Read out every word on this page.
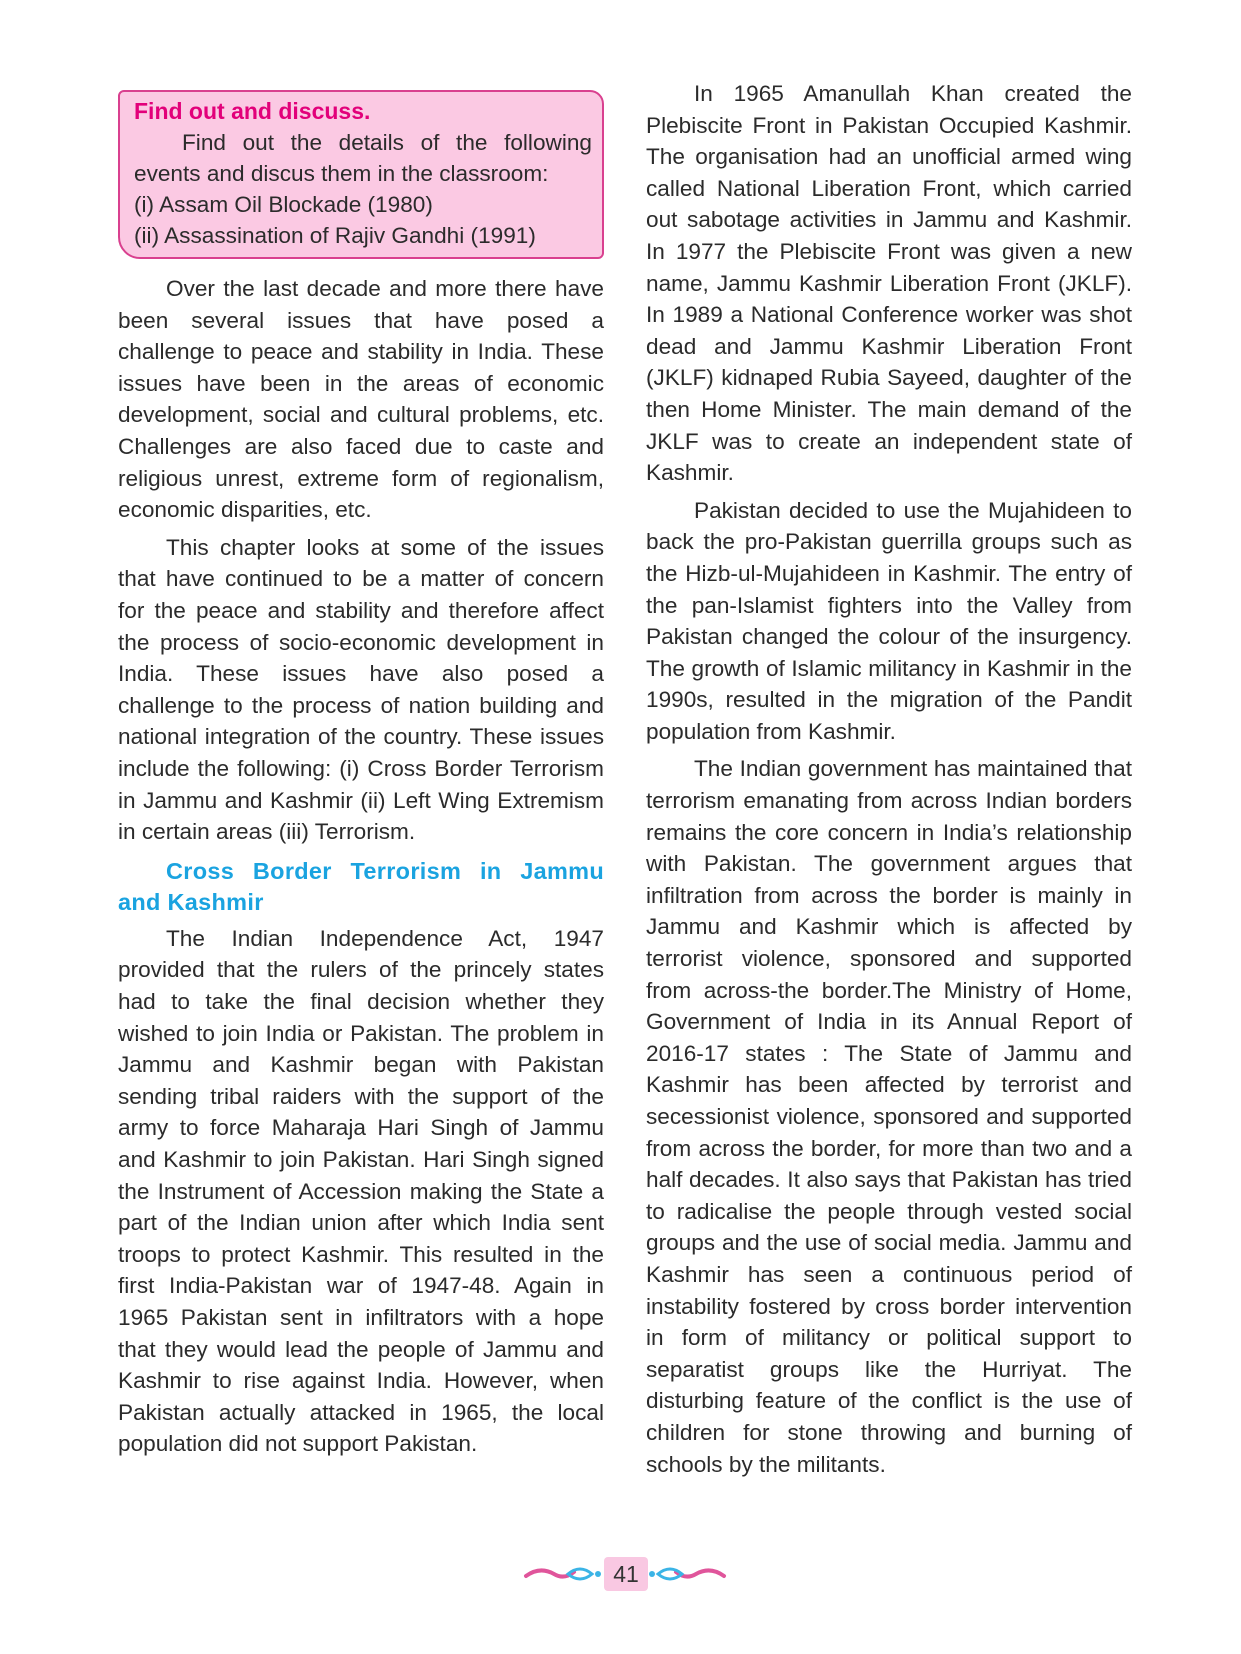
Find out and discuss.
Find out the details of the following events and discus them in the classroom:
(i) Assam Oil Blockade (1980)
(ii) Assassination of Rajiv Gandhi (1991)

Over the last decade and more there have been several issues that have posed a challenge to peace and stability in India. These issues have been in the areas of economic development, social and cultural problems, etc. Challenges are also faced due to caste and religious unrest, extreme form of regionalism, economic disparities, etc.

This chapter looks at some of the issues that have continued to be a matter of concern for the peace and stability and therefore affect the process of socio-economic development in India. These issues have also posed a challenge to the process of nation building and national integration of the country. These issues include the following: (i) Cross Border Terrorism in Jammu and Kashmir (ii) Left Wing Extremism in certain areas (iii) Terrorism.

Cross Border Terrorism in Jammu and Kashmir

The Indian Independence Act, 1947 provided that the rulers of the princely states had to take the final decision whether they wished to join India or Pakistan. The problem in Jammu and Kashmir began with Pakistan sending tribal raiders with the support of the army to force Maharaja Hari Singh of Jammu and Kashmir to join Pakistan. Hari Singh signed the Instrument of Accession making the State a part of the Indian union after which India sent troops to protect Kashmir. This resulted in the first India-Pakistan war of 1947-48. Again in 1965 Pakistan sent in infiltrators with a hope that they would lead the people of Jammu and Kashmir to rise against India. However, when Pakistan actually attacked in 1965, the local population did not support Pakistan.

In 1965 Amanullah Khan created the Plebiscite Front in Pakistan Occupied Kashmir. The organisation had an unofficial armed wing called National Liberation Front, which carried out sabotage activities in Jammu and Kashmir. In 1977 the Plebiscite Front was given a new name, Jammu Kashmir Liberation Front (JKLF). In 1989 a National Conference worker was shot dead and Jammu Kashmir Liberation Front (JKLF) kidnaped Rubia Sayeed, daughter of the then Home Minister. The main demand of the JKLF was to create an independent state of Kashmir.

Pakistan decided to use the Mujahideen to back the pro-Pakistan guerrilla groups such as the Hizb-ul-Mujahideen in Kashmir. The entry of the pan-Islamist fighters into the Valley from Pakistan changed the colour of the insurgency. The growth of Islamic militancy in Kashmir in the 1990s, resulted in the migration of the Pandit population from Kashmir.

The Indian government has maintained that terrorism emanating from across Indian borders remains the core concern in India’s relationship with Pakistan. The government argues that infiltration from across the border is mainly in Jammu and Kashmir which is affected by terrorist violence, sponsored and supported from across-the border.The Ministry of Home, Government of India in its Annual Report of 2016-17 states : The State of Jammu and Kashmir has been affected by terrorist and secessionist violence, sponsored and supported from across the border, for more than two and a half decades. It also says that Pakistan has tried to radicalise the people through vested social groups and the use of social media. Jammu and Kashmir has seen a continuous period of instability fostered by cross border intervention in form of militancy or political support to separatist groups like the Hurriyat. The disturbing feature of the conflict is the use of children for stone throwing and burning of schools by the militants.

41
